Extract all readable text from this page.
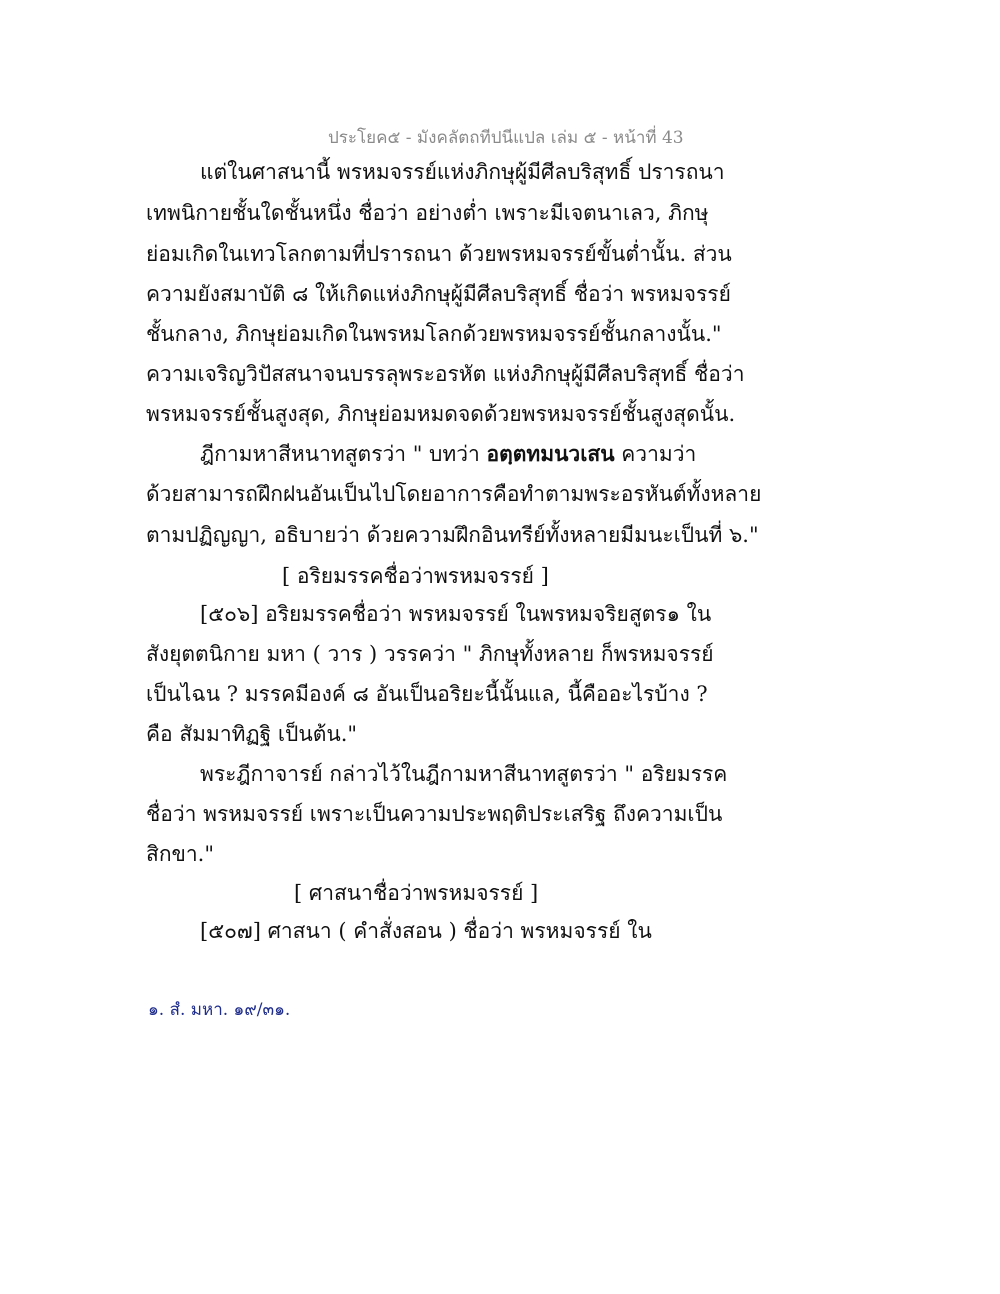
ประโยค๕ - มังคลัตถทีปนีแปล เล่ม ๕ - หน้าที่ 43
แต่ในศาสนานี้ พรหมจรรย์แห่งภิกษุผู้มีศีลบริสุทธิ์ ปรารถนา
เทพนิกายชั้นใดชั้นหนึ่ง ชื่อว่า อย่างต่ำ เพราะมีเจตนาเลว, ภิกษุ
ย่อมเกิดในเทวโลกตามที่ปรารถนา ด้วยพรหมจรรย์ขั้นต่ำนั้น. ส่วน
ความยังสมาบัติ ๘ ให้เกิดแห่งภิกษุผู้มีศีลบริสุทธิ์ ชื่อว่า พรหมจรรย์
ชั้นกลาง, ภิกษุย่อมเกิดในพรหมโลกด้วยพรหมจรรย์ชั้นกลางนั้น."
ความเจริญวิปัสสนาจนบรรลุพระอรหัต แห่งภิกษุผู้มีศีลบริสุทธิ์ ชื่อว่า
พรหมจรรย์ชั้นสูงสุด, ภิกษุย่อมหมดจดด้วยพรหมจรรย์ชั้นสูงสุดนั้น.
ฎีกามหาสีหนาทสูตรว่า " บทว่า อตฺตทมนวเสน ความว่า
ด้วยสามารถฝึกฝนอันเป็นไปโดยอาการคือทำตามพระอรหันต์ทั้งหลาย
ตามปฏิญญา, อธิบายว่า ด้วยความฝึกอินทรีย์ทั้งหลายมีมนะเป็นที่ ๖."
[ อริยมรรคชื่อว่าพรหมจรรย์ ]
[๕๐๖] อริยมรรคชื่อว่า พรหมจรรย์ ในพรหมจริยสูตร๑ ใน
สังยุตตนิกาย มหา ( วาร ) วรรคว่า " ภิกษุทั้งหลาย ก็พรหมจรรย์
เป็นไฉน ? มรรคมีองค์ ๘ อันเป็นอริยะนี้นั้นแล, นี้คืออะไรบ้าง ?
คือ สัมมาทิฏฐิ เป็นต้น."
พระฎีกาจารย์ กล่าวไว้ในฎีกามหาสีนาทสูตรว่า " อริยมรรค
ชื่อว่า พรหมจรรย์ เพราะเป็นความประพฤติประเสริฐ ถึงความเป็น
สิกขา."
[ ศาสนาชื่อว่าพรหมจรรย์ ]
[๕๐๗] ศาสนา ( คำสั่งสอน ) ชื่อว่า พรหมจรรย์ ใน
๑. สํ. มหา. ๑๙/๓๑.
